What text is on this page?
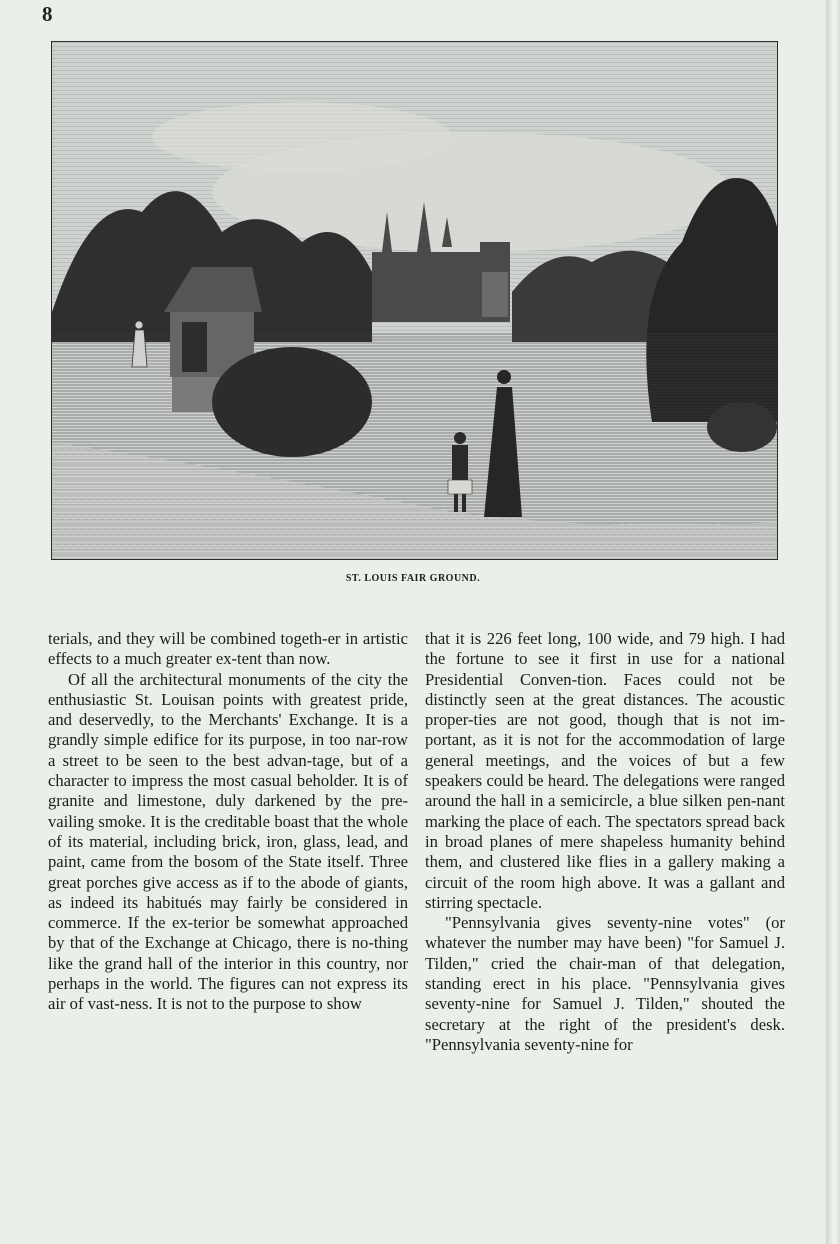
8
ST. LOUIS FAIR GROUND.

terials, and they will be combined togeth-er in artistic effects to a much greater ex-tent than now.

Of all the architectural monuments of the city the enthusiastic St. Louisan points with greatest pride, and deservedly, to the Merchants' Exchange. It is a grandly simple edifice for its purpose, in too nar-row a street to be seen to the best advan-tage, but of a character to impress the most casual beholder. It is of granite and limestone, duly darkened by the pre-vailing smoke. It is the creditable boast that the whole of its material, including brick, iron, glass, lead, and paint, came from the bosom of the State itself. Three great porches give access as if to the abode of giants, as indeed its habitués may fairly be considered in commerce. If the ex-terior be somewhat approached by that of the Exchange at Chicago, there is no-thing like the grand hall of the interior in this country, nor perhaps in the world. The figures can not express its air of vast-ness. It is not to the purpose to show

that it is 226 feet long, 100 wide, and 79 high. I had the fortune to see it first in use for a national Presidential Conven-tion. Faces could not be distinctly seen at the great distances. The acoustic proper-ties are not good, though that is not im-portant, as it is not for the accommodation of large general meetings, and the voices of but a few speakers could be heard. The delegations were ranged around the hall in a semicircle, a blue silken pen-nant marking the place of each. The spectators spread back in broad planes of mere shapeless humanity behind them, and clustered like flies in a gallery making a circuit of the room high above. It was a gallant and stirring spectacle.

"Pennsylvania gives seventy-nine votes" (or whatever the number may have been) "for Samuel J. Tilden," cried the chair-man of that delegation, standing erect in his place. "Pennsylvania gives seventy-nine for Samuel J. Tilden," shouted the secretary at the right of the president's desk. "Pennsylvania seventy-nine for
